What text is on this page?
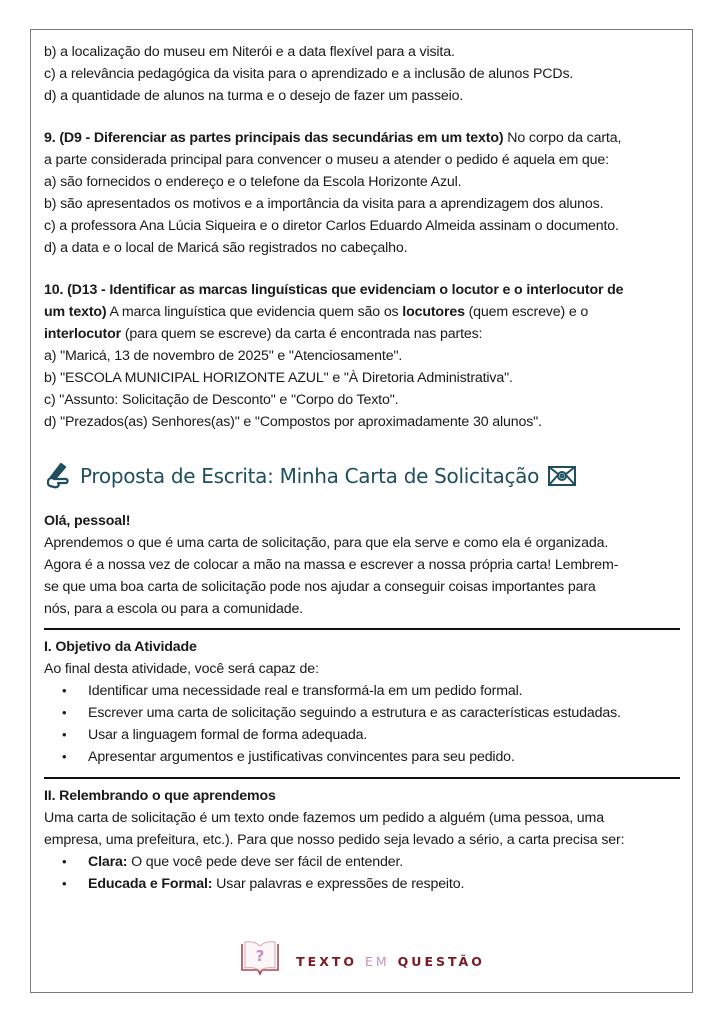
b) a localização do museu em Niterói e a data flexível para a visita.
c) a relevância pedagógica da visita para o aprendizado e a inclusão de alunos PCDs.
d) a quantidade de alunos na turma e o desejo de fazer um passeio.
9. (D9 - Diferenciar as partes principais das secundárias em um texto) No corpo da carta,
a parte considerada principal para convencer o museu a atender o pedido é aquela em que:
a) são fornecidos o endereço e o telefone da Escola Horizonte Azul.
b) são apresentados os motivos e a importância da visita para a aprendizagem dos alunos.
c) a professora Ana Lúcia Siqueira e o diretor Carlos Eduardo Almeida assinam o documento.
d) a data e o local de Maricá são registrados no cabeçalho.
10. (D13 - Identificar as marcas linguísticas que evidenciam o locutor e o interlocutor de
um texto) A marca linguística que evidencia quem são os locutores (quem escreve) e o
interlocutor (para quem se escreve) da carta é encontrada nas partes:
a) "Maricá, 13 de novembro de 2025" e "Atenciosamente".
b) "ESCOLA MUNICIPAL HORIZONTE AZUL" e "À Diretoria Administrativa".
c) "Assunto: Solicitação de Desconto" e "Corpo do Texto".
d) "Prezados(as) Senhores(as)" e "Compostos por aproximadamente 30 alunos".
Proposta de Escrita: Minha Carta de Solicitação
Olá, pessoal!
Aprendemos o que é uma carta de solicitação, para que ela serve e como ela é organizada.
Agora é a nossa vez de colocar a mão na massa e escrever a nossa própria carta! Lembrem-
se que uma boa carta de solicitação pode nos ajudar a conseguir coisas importantes para
nós, para a escola ou para a comunidade.
I. Objetivo da Atividade
Ao final desta atividade, você será capaz de:
• Identificar uma necessidade real e transformá-la em um pedido formal.
• Escrever uma carta de solicitação seguindo a estrutura e as características estudadas.
• Usar a linguagem formal de forma adequada.
• Apresentar argumentos e justificativas convincentes para seu pedido.
II. Relembrando o que aprendemos
Uma carta de solicitação é um texto onde fazemos um pedido a alguém (uma pessoa, uma
empresa, uma prefeitura, etc.). Para que nosso pedido seja levado a sério, a carta precisa ser:
• Clara: O que você pede deve ser fácil de entender.
• Educada e Formal: Usar palavras e expressões de respeito.
?	TEXTO EM QUESTÃO
